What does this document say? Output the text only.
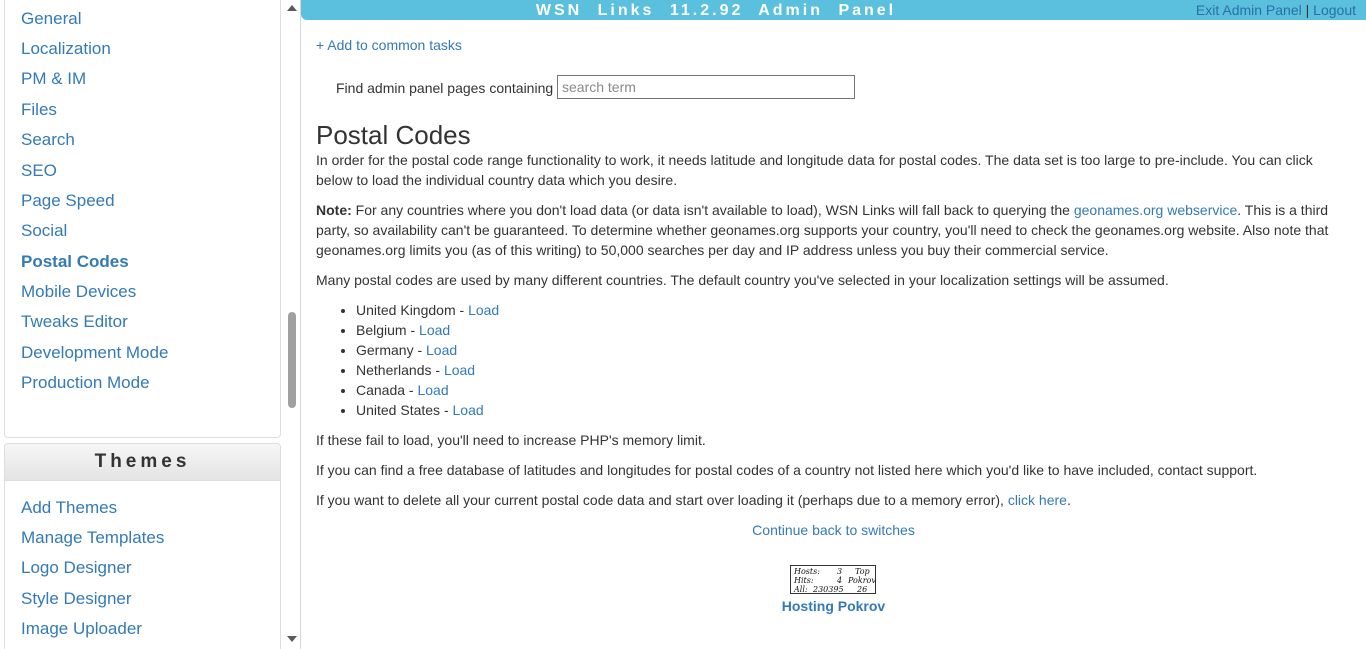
General
Localization
PM & IM
Files
Search
SEO
Page Speed
Social
Postal Codes
Mobile Devices
Tweaks Editor
Development Mode
Production Mode
Themes
Add Themes
Manage Templates
Logo Designer
Style Designer
Image Uploader
WSN Links 11.2.92 Admin Panel	Exit Admin Panel | Logout
+ Add to common tasks
Find admin panel pages containing
search term
Postal Codes

In order for the postal code range functionality to work, it needs latitude and longitude data for postal codes. The data set is too large to pre-include. You can click below to load the individual country data which you desire.

Note: For any countries where you don't load data (or data isn't available to load), WSN Links will fall back to querying the geonames.org webservice. This is a third party, so availability can't be guaranteed. To determine whether geonames.org supports your country, you'll need to check the geonames.org website. Also note that geonames.org limits you (as of this writing) to 50,000 searches per day and IP address unless you buy their commercial service.

Many postal codes are used by many different countries. The default country you've selected in your localization settings will be assumed.

• United Kingdom - Load
• Belgium - Load
• Germany - Load
• Netherlands - Load
• Canada - Load
• United States - Load

If these fail to load, you'll need to increase PHP's memory limit.

If you can find a free database of latitudes and longitudes for postal codes of a country not listed here which you'd like to have included, contact support.

If you want to delete all your current postal code data and start over loading it (perhaps due to a memory error), click here.

Continue back to switches
Hosts: 3 Top
Hits:	4 Pokrov
All: 230395 26
Hosting Pokrov
